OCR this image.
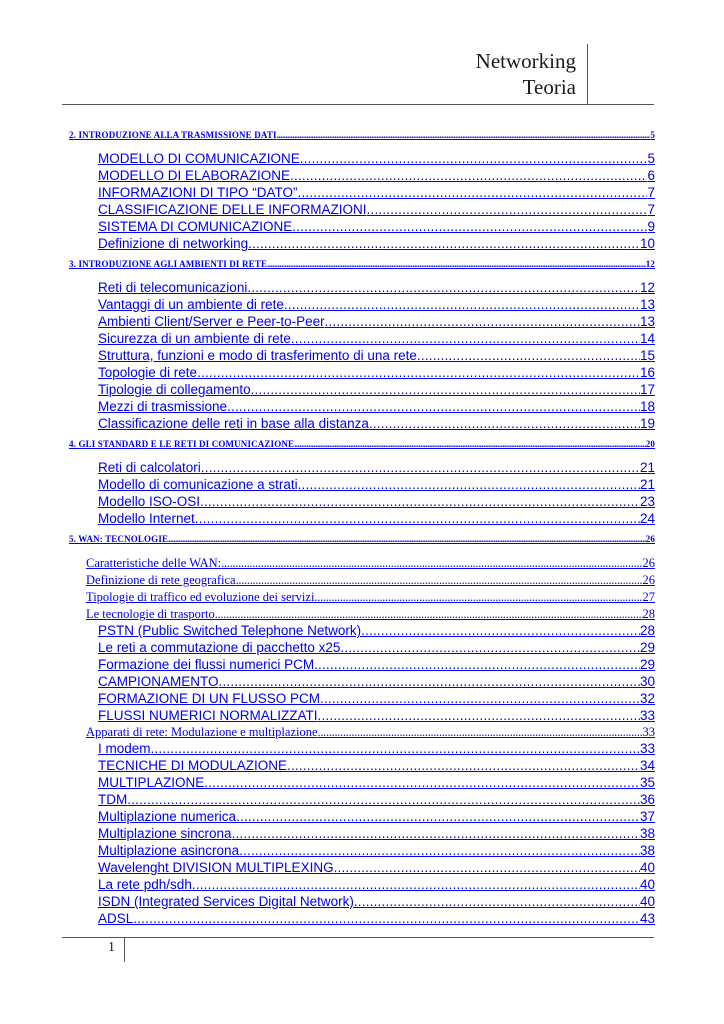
Networking
Teoria
2. INTRODUZIONE ALLA TRASMISSIONE DATI .....	5
MODELLO DI COMUNICAZIONE .....	5
MODELLO DI ELABORAZIONE .....	6
INFORMAZIONI DI TIPO “DATO” .....	7
CLASSIFICAZIONE DELLE INFORMAZIONI .....	7
SISTEMA DI COMUNICAZIONE .....	9
Definizione di networking .....	10
3. INTRODUZIONE AGLI AMBIENTI DI RETE .....	12
Reti di telecomunicazioni .....	12
Vantaggi di un ambiente di rete .....	13
Ambienti Client/Server e Peer-to-Peer .....	13
Sicurezza di un ambiente di rete .....	14
Struttura, funzioni e modo di trasferimento di una rete .....	15
Topologie di rete .....	16
Tipologie di collegamento .....	17
Mezzi di trasmissione .....	18
Classificazione delle reti in base alla distanza .....	19
4. GLI STANDARD E LE RETI DI COMUNICAZIONE .....	20
Reti di calcolatori .....	21
Modello di comunicazione a strati .....	21
Modello ISO-OSI .....	23
Modello Internet .....	24
5. WAN: TECNOLOGIE .....	26
Caratteristiche delle WAN: .....	26
Definizione di rete geografica .....	26
Tipologie di traffico ed evoluzione dei servizi .....	27
Le tecnologie di trasporto .....	28
PSTN (Public Switched Telephone Network) .....	28
Le reti a commutazione di pacchetto x25 .....	29
Formazione dei flussi numerici PCM .....	29
CAMPIONAMENTO .....	30
FORMAZIONE DI UN FLUSSO PCM .....	32
FLUSSI NUMERICI NORMALIZZATI .....	33
Apparati di rete: Modulazione e multiplazione .....	33
I modem .....	33
TECNICHE DI MODULAZIONE .....	34
MULTIPLAZIONE .....	35
TDM .....	36
Multiplazione numerica .....	37
Multiplazione sincrona .....	38
Multiplazione asincrona .....	38
Wavelenght DIVISION MULTIPLEXING .....	40
La rete pdh/sdh .....	40
ISDN (Integrated Services Digital Network) .....	40
ADSL .....	43
1
